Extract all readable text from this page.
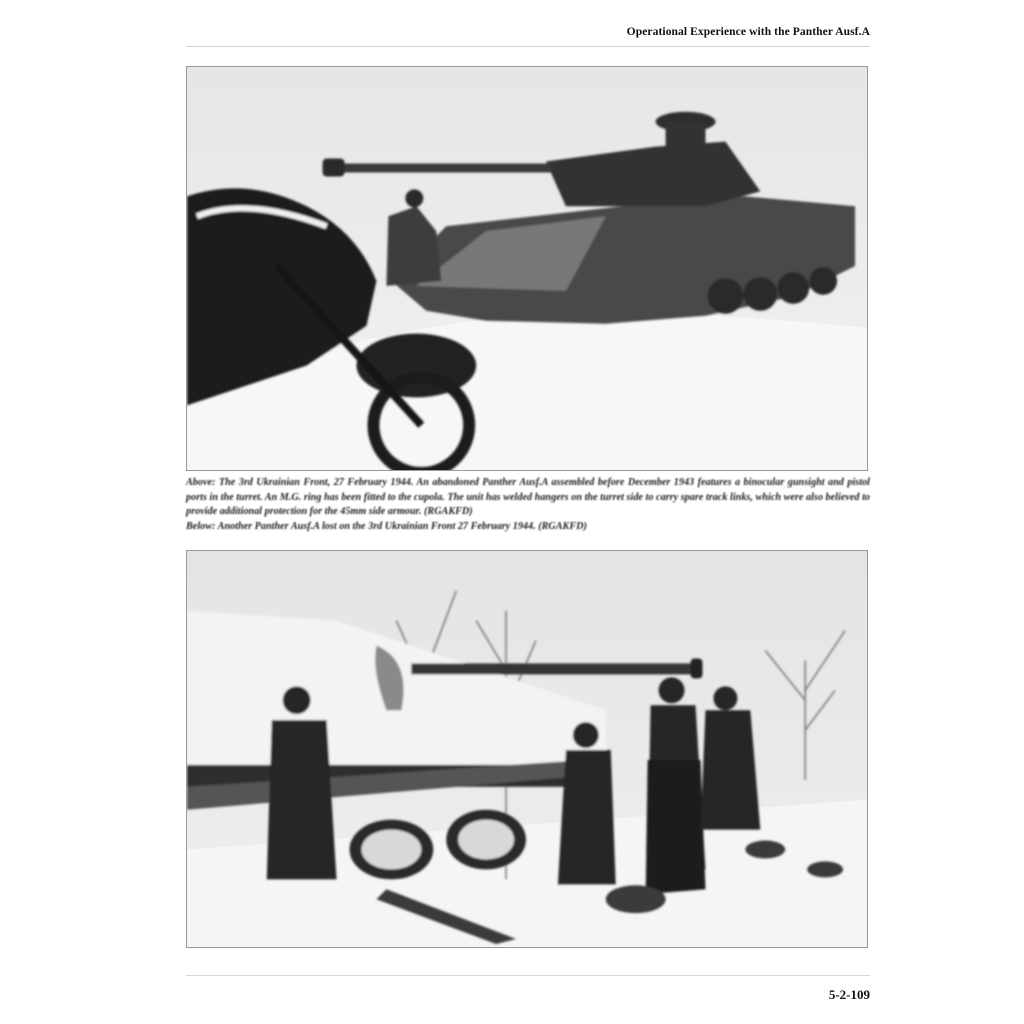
Operational Experience with the Panther Ausf.A

Above: The 3rd Ukrainian Front, 27 February 1944. An abandoned Panther Ausf.A assembled before December 1943 features a binocular gunsight and pistol ports in the turret. An M.G. ring has been fitted to the cupola. The unit has welded hangers on the turret side to carry spare track links, which were also believed to provide additional protection for the 45mm side armour. (RGAKFD)

Below: Another Panther Ausf.A lost on the 3rd Ukrainian Front 27 February 1944. (RGAKFD)

5-2-109
